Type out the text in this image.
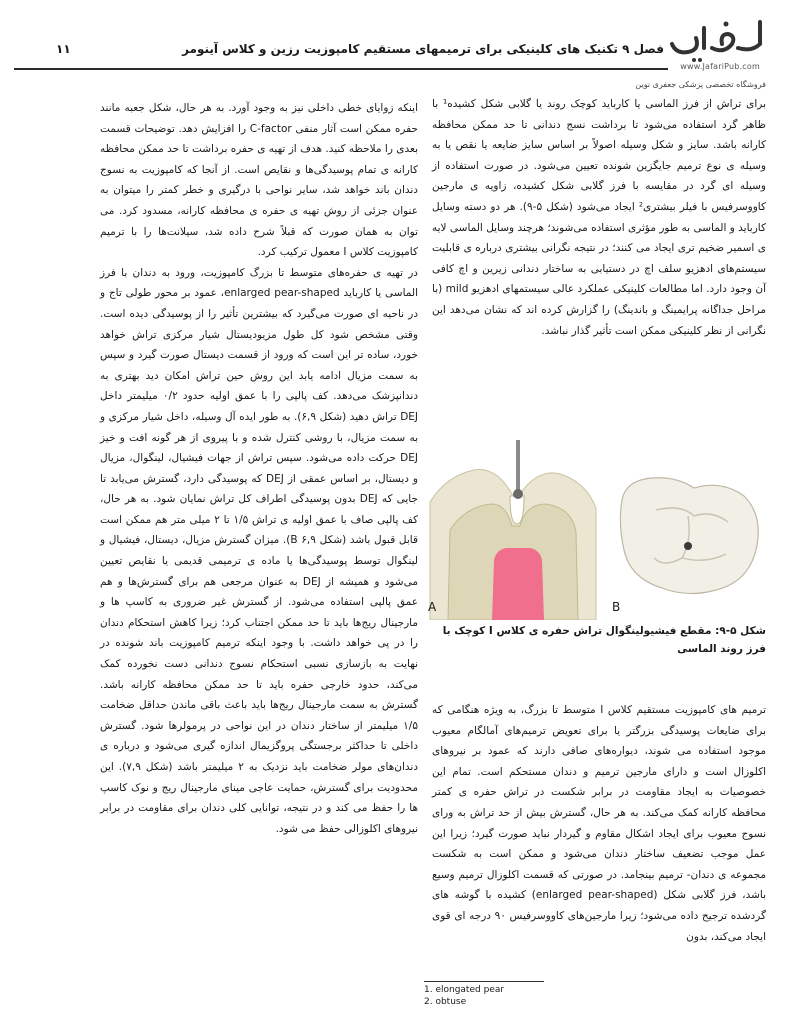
۱۱	فصل ۹ تکنیک های کلینیکی برای ترمیمهای مستقیم کامپوزیت رزین و کلاس آینومر
www.JafariPub.com
فروشگاه تخصصی پزشکی جعفری نوین

برای تراش از فرز الماسی یا کارباید کوچک روند یا گلابی شکل کشیده¹ با ظاهر گرد استفاده می‌شود تا برداشت نسج دندانی تا حد ممکن محافظه کارانه باشد. سایز و شکل وسیله اصولاً بر اساس سایز ضایعه یا نقص یا به وسیله ی نوع ترمیم جایگزین شونده تعیین می‌شود. در صورت استفاده از وسیله ای گرد در مقایسه با فرز گلابی شکل کشیده، زاویه ی مارجین کاووسرفیس با فیلر بیشتری² ایجاد می‌شود (شکل ۵-۹). هر دو دسته وسایل کارباید و الماسی به طور مؤثری استفاده می‌شوند؛ هرچند وسایل الماسی لایه ی اسمیر ضخیم تری ایجاد می کنند؛ در نتیجه نگرانی بیشتری درباره ی قابلیت سیستم‌های ادهزیو سلف اچ در دستیابی به ساختار دندانی زیرین و اچ کافی آن وجود دارد. اما مطالعات کلینیکی عملکرد عالی سیستمهای ادهزیو mild (با مراحل جداگانه پرایمینگ و باندینگ) را گزارش کرده اند که نشان می‌دهد این نگرانی از نظر کلینیکی ممکن است تأثیر گذار نباشد.

A	B
شکل ۵-۹: مقطع فیشیولینگوال تراش حفره ی کلاس I کوچک با فرز روند الماسی

ترمیم های کامپوزیت مستقیم کلاس I متوسط تا بزرگ، به ویژه هنگامی که برای ضایعات پوسیدگی بزرگتر یا برای تعویض ترمیم‌های آمالگام معیوب موجود استفاده می شوند، دیواره‌های صافی دارند که عمود بر نیروهای اکلوزال است و دارای مارجین ترمیم و دندان مستحکم است. تمام این خصوصیات به ایجاد مقاومت در برابر شکست در تراش حفره ی کمتر محافظه کارانه کمک می‌کند. به هر حال، گسترش بیش از حد تراش به ورای نسوج معیوب برای ایجاد اشکال مقاوم و گیردار نباید صورت گیرد؛ زیرا این عمل موجب تضعیف ساختار دندان می‌شود و ممکن است به شکست مجموعه ی دندان- ترمیم بینجامد. در صورتی که قسمت اکلوزال ترمیم وسیع باشد، فرز گلابی شکل (enlarged pear-shaped) کشیده با گوشه های گردشده ترجیح داده می‌شود؛ زیرا مارجین‌های کاووسرفیس ۹۰ درجه ای قوی ایجاد می‌کند، بدون

اینکه زوایای خطی داخلی نیز به وجود آورد. به هر حال، شکل جعبه مانند حفره ممکن است آثار منفی C-factor را افزایش دهد. توضیحات قسمت بعدی را ملاحظه کنید. هدف از تهیه ی حفره برداشت تا حد ممکن محافظه کارانه ی تمام پوسیدگی‌ها و نقایص است. از آنجا که کامپوزیت به نسوج دندان باند خواهد شد، سایر نواحی با درگیری و خطر کمتر را میتوان به عنوان جزئی از روش تهیه ی حفره ی محافظه کارانه، مسدود کرد. می توان به همان صورت که قبلاً شرح داده شد، سیلانت‌ها را با ترمیم کامپوزیت کلاس I معمول ترکیب کرد.
در تهیه ی حفره‌های متوسط تا بزرگ کامپوزیت، ورود به دندان با فرز الماسی یا کارباید enlarged pear-shaped، عمود بر محور طولی تاج و در ناحیه ای صورت می‌گیرد که بیشترین تأثیر را از پوسیدگی دیده است. وقتی مشخص شود کل طول مزیودیستال شیار مرکزی تراش خواهد خورد، ساده تر این است که ورود از قسمت دیستال صورت گیرد و سپس به سمت مزیال ادامه یابد این روش حین تراش امکان دید بهتری به دندانپزشک می‌دهد. کف پالپی را با عمق اولیه حدود ۰/۲ میلیمتر داخل DEJ تراش دهید (شکل ۶,۹). به طور ایده آل وسیله، داخل شیار مرکزی و به سمت مزیال، با روشی کنترل شده و با پیروی از هر گونه افت و خیز DEJ حرکت داده می‌شود. سپس تراش از جهات فیشیال، لینگوال، مزیال و دیستال، بر اساس عمقی از DEJ که پوسیدگی دارد، گسترش می‌یابد تا جایی که DEJ بدون پوسیدگی اطراف کل تراش نمایان شود. به هر حال، کف پالپی صاف با عمق اولیه ی تراش ۱/۵ تا ۲ میلی متر هم ممکن است قابل قبول باشد (شکل ۶,۹ B). میزان گسترش مزیال، دیستال، فیشیال و لینگوال توسط پوسیدگی‌ها یا ماده ی ترمیمی قدیمی یا نقایص تعیین می‌شود و همیشه از DEJ به عنوان مرجعی هم برای گسترش‌ها و هم عمق پالپی استفاده می‌شود. از گسترش غیر ضروری به کاسپ ها و مارجینال ریج‌ها باید تا حد ممکن اجتناب کرد؛ زیرا کاهش استحکام دندان را در پی خواهد داشت. با وجود اینکه ترمیم کامپوزیت باند شونده در نهایت به بازسازی نسبی استحکام نسوج دندانی دست نخورده کمک می‌کند، حدود خارجی حفره باید تا حد ممکن محافظه کارانه باشد. گسترش به سمت مارجینال ریج‌ها باید باعث باقی ماندن حداقل ضخامت ۱/۵ میلیمتر از ساختار دندان در این نواحی در پرمولرها شود. گسترش داخلی تا حداکثر برجستگی پروگزیمال اندازه گیری می‌شود و درباره ی دندان‌های مولر ضخامت باید نزدیک به ۲ میلیمتر باشد (شکل ۷,۹). این محدودیت برای گسترش، حمایت عاجی مینای مارجینال ریج و نوک کاسپ ها را حفظ می کند و در نتیجه، توانایی کلی دندان برای مقاومت در برابر نیروهای اکلوزالی حفظ می شود.

1. elongated pear
2. obtuse
